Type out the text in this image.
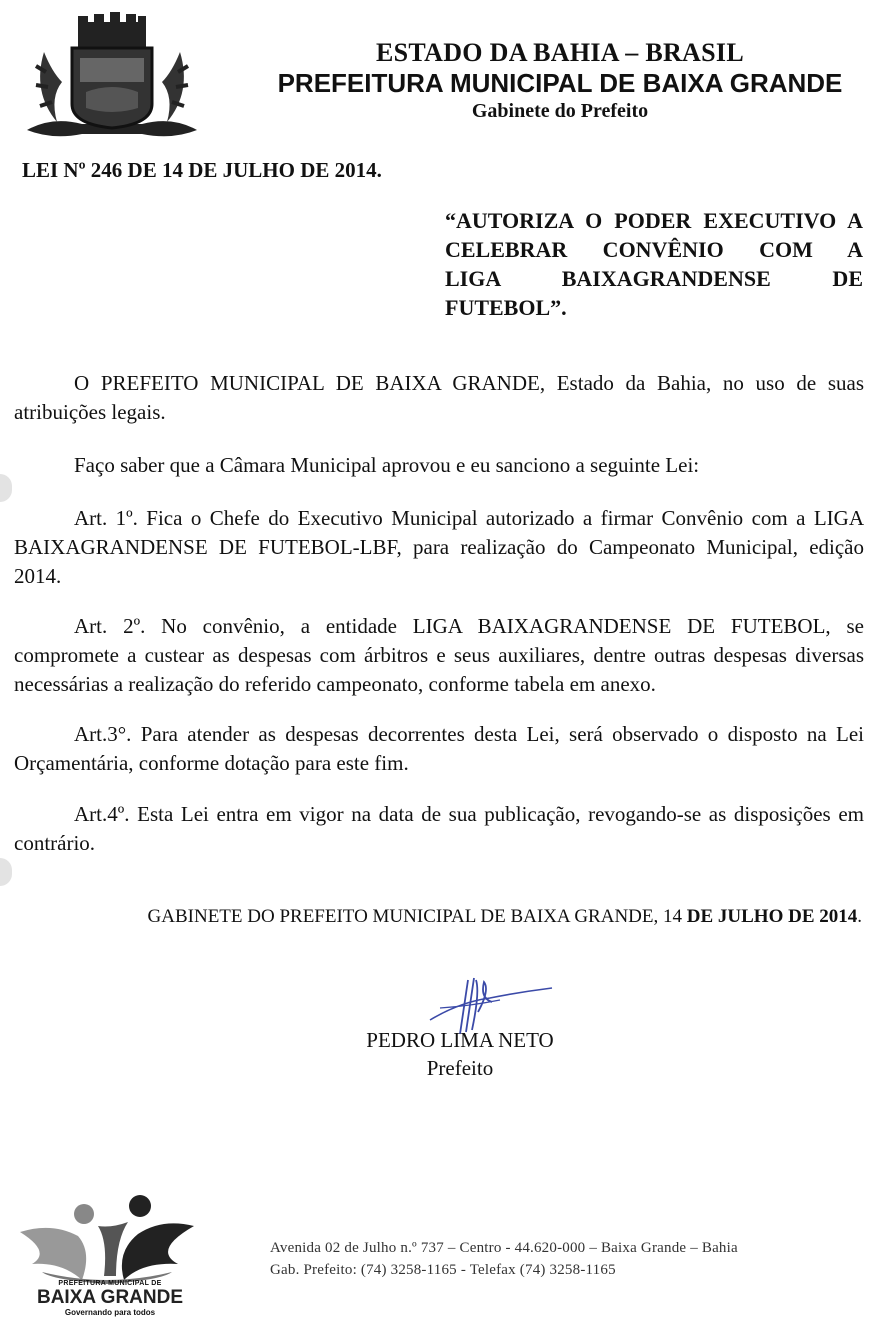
ESTADO DA BAHIA – BRASIL
PREFEITURA MUNICIPAL DE BAIXA GRANDE
Gabinete do Prefeito
LEI Nº 246 DE 14 DE JULHO DE 2014.
“AUTORIZA O PODER EXECUTIVO A
CELEBRAR CONVÊNIO COM A
LIGA BAIXAGRANDENSE DE
FUTEBOL”.
O PREFEITO MUNICIPAL DE BAIXA GRANDE, Estado da Bahia, no uso de suas atribuições legais.
Faço saber que a Câmara Municipal aprovou e eu sanciono a seguinte Lei:
Art. 1º. Fica o Chefe do Executivo Municipal autorizado a firmar Convênio com a LIGA BAIXAGRANDENSE DE FUTEBOL-LBF, para realização do Campeonato Municipal, edição 2014.
Art. 2º. No convênio, a entidade LIGA BAIXAGRANDENSE DE FUTEBOL, se compromete a custear as despesas com árbitros e seus auxiliares, dentre outras despesas diversas necessárias a realização do referido campeonato, conforme tabela em anexo.
Art.3°. Para atender as despesas decorrentes desta Lei, será observado o disposto na Lei Orçamentária, conforme dotação para este fim.
Art.4º. Esta Lei entra em vigor na data de sua publicação, revogando-se as disposições em contrário.
GABINETE DO PREFEITO MUNICIPAL DE BAIXA GRANDE, 14 DE JULHO DE 2014.
PEDRO LIMA NETO
Prefeito
PREFEITURA MUNICIPAL DE
BAIXA GRANDE
Governando para todos
Avenida 02 de Julho n.º 737 – Centro - 44.620-000 – Baixa Grande – Bahia
Gab. Prefeito: (74) 3258-1165 - Telefax (74) 3258-1165
